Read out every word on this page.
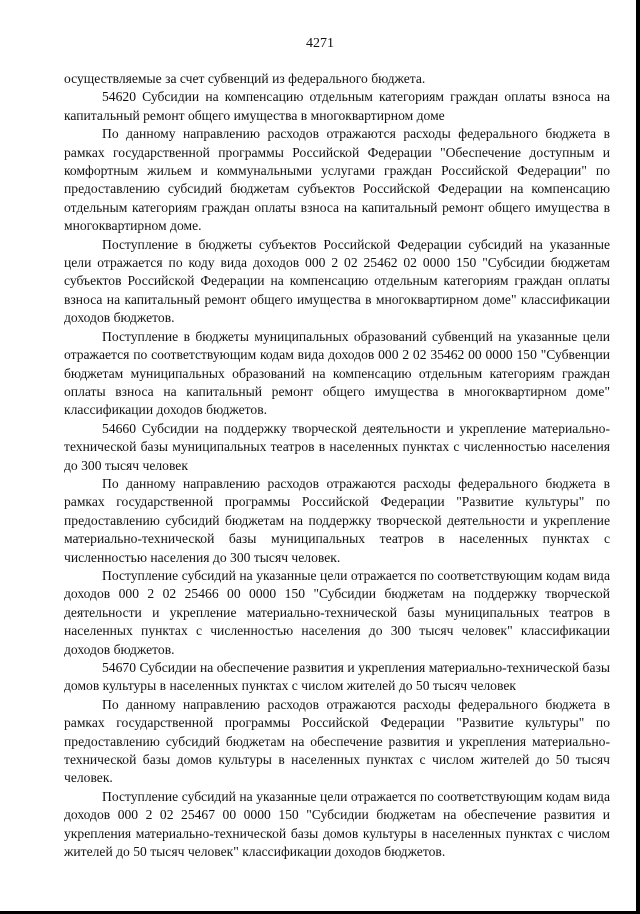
4271

осуществляемые за счет субвенций из федерального бюджета.

54620 Субсидии на компенсацию отдельным категориям граждан оплаты взноса на капитальный ремонт общего имущества в многоквартирном доме

По данному направлению расходов отражаются расходы федерального бюджета в рамках государственной программы Российской Федерации "Обеспечение доступным и комфортным жильем и коммунальными услугами граждан Российской Федерации" по предоставлению субсидий бюджетам субъектов Российской Федерации на компенсацию отдельным категориям граждан оплаты взноса на капитальный ремонт общего имущества в многоквартирном доме.

Поступление в бюджеты субъектов Российской Федерации субсидий на указанные цели отражается по коду вида доходов 000 2 02 25462 02 0000 150 "Субсидии бюджетам субъектов Российской Федерации на компенсацию отдельным категориям граждан оплаты взноса на капитальный ремонт общего имущества в многоквартирном доме" классификации доходов бюджетов.

Поступление в бюджеты муниципальных образований субвенций на указанные цели отражается по соответствующим кодам вида доходов 000 2 02 35462 00 0000 150 "Субвенции бюджетам муниципальных образований на компенсацию отдельным категориям граждан оплаты взноса на капитальный ремонт общего имущества в многоквартирном доме" классификации доходов бюджетов.

54660 Субсидии на поддержку творческой деятельности и укрепление материально-технической базы муниципальных театров в населенных пунктах с численностью населения до 300 тысяч человек

По данному направлению расходов отражаются расходы федерального бюджета в рамках государственной программы Российской Федерации "Развитие культуры" по предоставлению субсидий бюджетам на поддержку творческой деятельности и укрепление материально-технической базы муниципальных театров в населенных пунктах с численностью населения до 300 тысяч человек.

Поступление субсидий на указанные цели отражается по соответствующим кодам вида доходов 000 2 02 25466 00 0000 150 "Субсидии бюджетам на поддержку творческой деятельности и укрепление материально-технической базы муниципальных театров в населенных пунктах с численностью населения до 300 тысяч человек" классификации доходов бюджетов.

54670 Субсидии на обеспечение развития и укрепления материально-технической базы домов культуры в населенных пунктах с числом жителей до 50 тысяч человек

По данному направлению расходов отражаются расходы федерального бюджета в рамках государственной программы Российской Федерации "Развитие культуры" по предоставлению субсидий бюджетам на обеспечение развития и укрепления материально-технической базы домов культуры в населенных пунктах с числом жителей до 50 тысяч человек.

Поступление субсидий на указанные цели отражается по соответствующим кодам вида доходов 000 2 02 25467 00 0000 150 "Субсидии бюджетам на обеспечение развития и укрепления материально-технической базы домов культуры в населенных пунктах с числом жителей до 50 тысяч человек" классификации доходов бюджетов.
